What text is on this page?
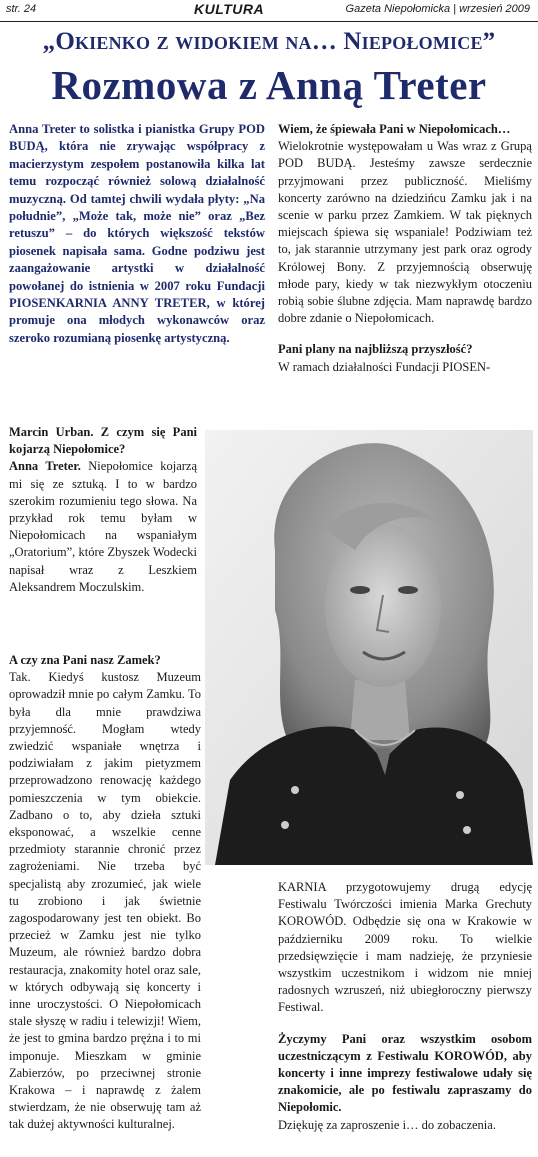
str. 24	KULTURA	Gazeta Niepołomicka | wrzesień 2009
„Okienko z widokiem na… Niepołomice”
Rozmowa z Anną Treter

Anna Treter to solistka i pianistka Grupy POD BUDĄ, która nie zrywając współpracy z macierzystym zespołem postanowiła kilka lat temu rozpocząć również solową działalność muzyczną. Od tamtej chwili wydała płyty: „Na południe”, „Może tak, może nie” oraz „Bez retuszu” – do których większość tekstów piosenek napisała sama. Godne podziwu jest zaangażowanie artystki w działalność powołanej do istnienia w 2007 roku Fundacji PIOSENKARNIA ANNY TRETER, w której promuje ona młodych wykonawców oraz szeroko rozumianą piosenkę artystyczną.

Wiem, że śpiewała Pani w Niepołomicach…

Wielokrotnie występowałam u Was wraz z Grupą POD BUDĄ. Jesteśmy zawsze serdecznie przyjmowani przez publiczność. Mieliśmy koncerty zarówno na dziedzińcu Zamku jak i na scenie w parku przez Zamkiem. W tak pięknych miejscach śpiewa się wspaniale! Podziwiam też to, jak starannie utrzymany jest park oraz ogrody Królowej Bony. Z przyjemnością obserwuję młode pary, kiedy w tak niezwykłym otoczeniu robią sobie ślubne zdjęcia. Mam naprawdę bardzo dobre zdanie o Niepołomicach.

Pani plany na najbliższą przyszłość?

W ramach działalności Fundacji PIOSEN-

Marcin Urban. Z czym się Pani kojarzą Niepołomice?

Anna Treter. Niepołomice kojarzą mi się ze sztuką. I to w bardzo szerokim rozumieniu tego słowa. Na przykład rok temu byłam w Niepołomicach na wspaniałym „Oratorium”, które Zbyszek Wodecki napisał wraz z Leszkiem Aleksandrem Moczulskim.

A czy zna Pani nasz Zamek?

Tak. Kiedyś kustosz Muzeum oprowadził mnie po całym Zamku. To była dla mnie prawdziwa przyjemność. Mogłam wtedy zwiedzić wspaniałe wnętrza i podziwiałam z jakim pietyzmem przeprowadzono renowację każdego pomieszczenia w tym obiekcie. Zadbano o to, aby dzieła sztuki eksponować, a wszelkie cenne przedmioty starannie chronić przez zagrożeniami. Nie trzeba być specjalistą aby zrozumieć, jak wiele tu zrobiono i jak świetnie zagospodarowany jest ten obiekt. Bo przecież w Zamku jest nie tylko Muzeum, ale również bardzo dobra restauracja, znakomity hotel oraz sale, w których odbywają się koncerty i inne uroczystości. O Niepołomicach stale słyszę w radiu i telewizji! Wiem, że jest to gmina bardzo prężna i to mi imponuje. Mieszkam w gminie Zabierzów, po przeciwnej stronie Krakowa – i naprawdę z żalem stwierdzam, że nie obserwuję tam aż tak dużej aktywności kulturalnej.

KARNIA przygotowujemy drugą edycję Festiwalu Twórczości imienia Marka Grechuty KOROWÓD. Odbędzie się ona w Krakowie w październiku 2009 roku. To wielkie przedsięwzięcie i mam nadzieję, że przyniesie wszystkim uczestnikom i widzom nie mniej radosnych wzruszeń, niż ubiegłoroczny pierwszy Festiwal.

Życzymy Pani oraz wszystkim osobom uczestniczącym z Festiwalu KOROWÓD, aby koncerty i inne imprezy festiwalowe udały się znakomicie, ale po festiwalu zapraszamy do Niepołomic.

Dziękuję za zaproszenie i… do zobaczenia.
